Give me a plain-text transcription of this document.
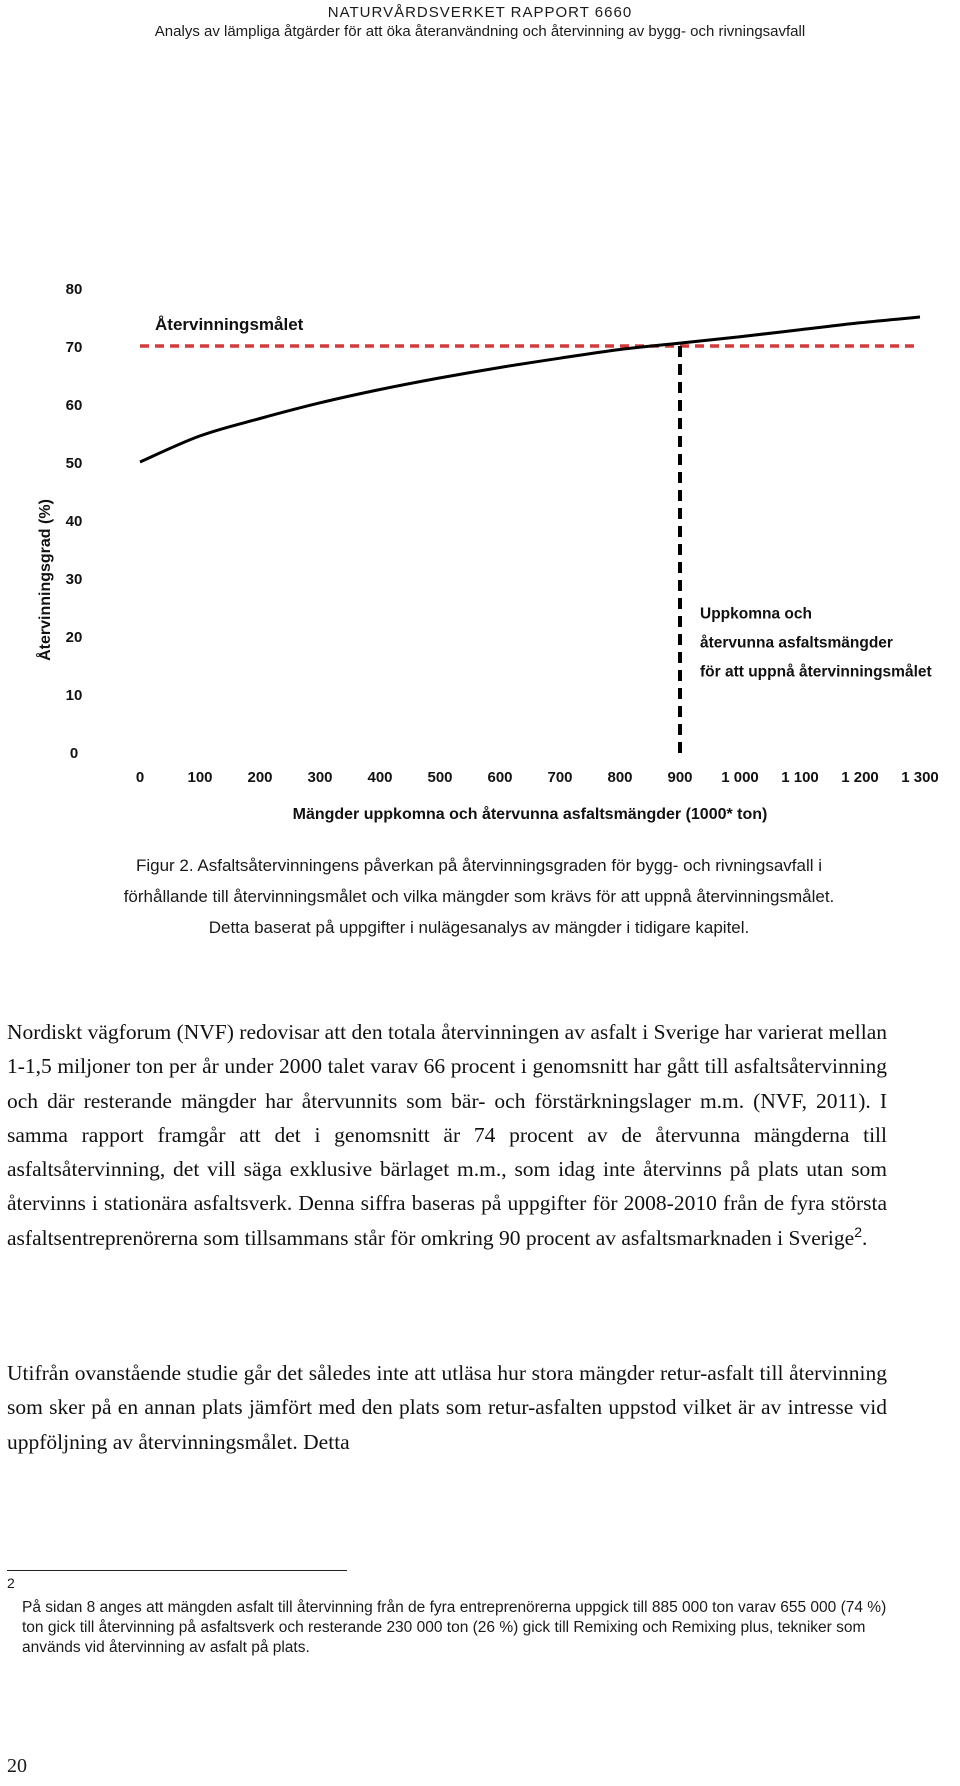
NATURVÅRDSVERKET RAPPORT 6660
Analys av lämpliga åtgärder för att öka återanvändning och återvinning av bygg- och rivningsavfall
0
10
20
30
40
50
60
70
80
0	100 200 300 400 500 600 700 800 900 1 000 1 100 1 200 1 300
Återvinningsgrad (%)
Mängder uppkomna och återvunna asfaltsmängder (1000* ton)
Återvinningsmålet
Uppkomna och
återvunna asfaltsmängder
för att uppnå återvinningsmålet
Figur 2. Asfaltsåtervinningens påverkan på återvinningsgraden för bygg- och rivningsavfall i
förhållande till återvinningsmålet och vilka mängder som krävs för att uppnå återvinningsmålet.
Detta baserat på uppgifter i nulägesanalys av mängder i tidigare kapitel.

Nordiskt vägforum (NVF) redovisar att den totala återvinningen av asfalt i Sverige har varierat mellan 1-1,5 miljoner ton per år under 2000 talet varav 66 procent i genomsnitt har gått till asfaltsåtervinning och där resterande mängder har återvunnits som bär- och förstärkningslager m.m. (NVF, 2011). I samma rapport framgår att det i genomsnitt är 74 procent av de återvunna mängderna till asfaltsåtervinning, det vill säga exklusive bärlaget m.m., som idag inte återvinns på plats utan som återvinns i stationära asfaltsverk. Denna siffra baseras på uppgifter för 2008-2010 från de fyra största asfaltsentreprenörerna som tillsammans står för omkring 90 procent av asfaltsmarknaden i Sverige$^2$.

Utifrån ovanstående studie går det således inte att utläsa hur stora mängder retur-asfalt till återvinning som sker på en annan plats jämfört med den plats som retur-asfalten uppstod vilket är av intresse vid uppföljning av återvinningsmålet. Detta

2
På sidan 8 anges att mängden asfalt till återvinning från de fyra entreprenörerna uppgick till 885 000 ton varav 655 000 (74 %) ton gick till återvinning på asfaltsverk och resterande 230 000 ton (26 %) gick till Remixing och Remixing plus, tekniker som används vid återvinning av asfalt på plats.
20
